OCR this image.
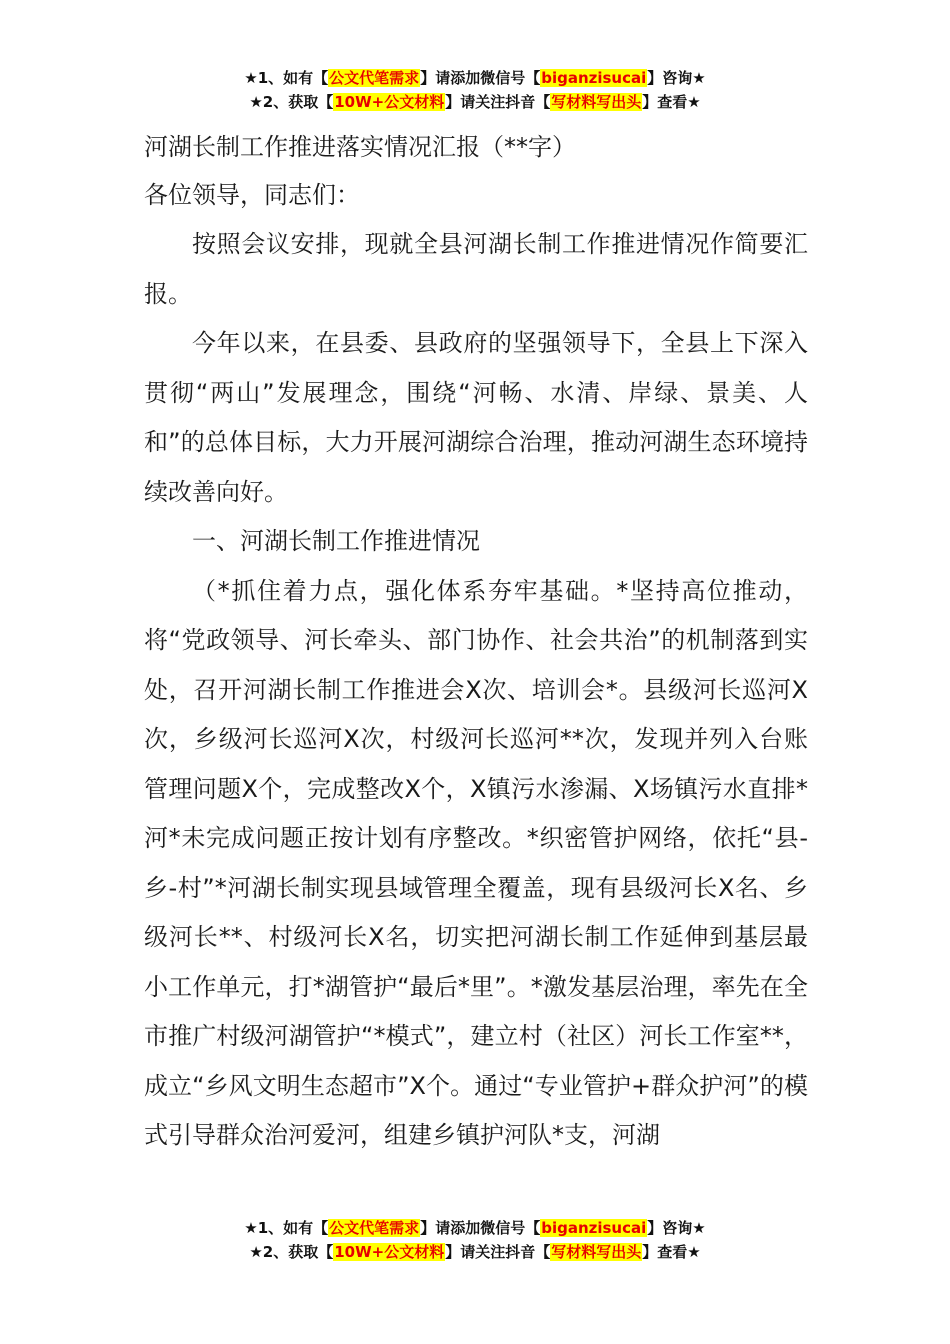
★1、如有【公文代笔需求】请添加微信号【biganzisucai】咨询★
★2、获取【10W+公文材料】请关注抖音【写材料写出头】查看★
河湖长制工作推进落实情况汇报（**字）
各位领导，同志们：

按照会议安排，现就全县河湖长制工作推进情况作简要汇报。

今年以来，在县委、县政府的坚强领导下，全县上下深入贯彻“两山”发展理念，围绕“河畅、水清、岸绿、景美、人和”的总体目标，大力开展河湖综合治理，推动河湖生态环境持续改善向好。

一、河湖长制工作推进情况

（*抓住着力点，强化体系夯牢基础。*坚持高位推动，将“党政领导、河长牵头、部门协作、社会共治”的机制落到实处，召开河湖长制工作推进会X次、培训会*。县级河长巡河X次，乡级河长巡河X次，村级河长巡河**次，发现并列入台账管理问题X个，完成整改X个，X镇污水渗漏、X场镇污水直排*河*未完成问题正按计划有序整改。*织密管护网络，依托“县-乡-村”*河湖长制实现县域管理全覆盖，现有县级河长X名、乡级河长**、村级河长X名，切实把河湖长制工作延伸到基层最小工作单元，打*湖管护“最后*里”。*激发基层治理，率先在全市推广村级河湖管护“*模式”，建立村（社区）河长工作室**，成立“乡风文明生态超市”X个。通过“专业管护+群众护河”的模式引导群众治河爱河，组建乡镇护河队*支，河湖

★1、如有【公文代笔需求】请添加微信号【biganzisucai】咨询★
★2、获取【10W+公文材料】请关注抖音【写材料写出头】查看★
